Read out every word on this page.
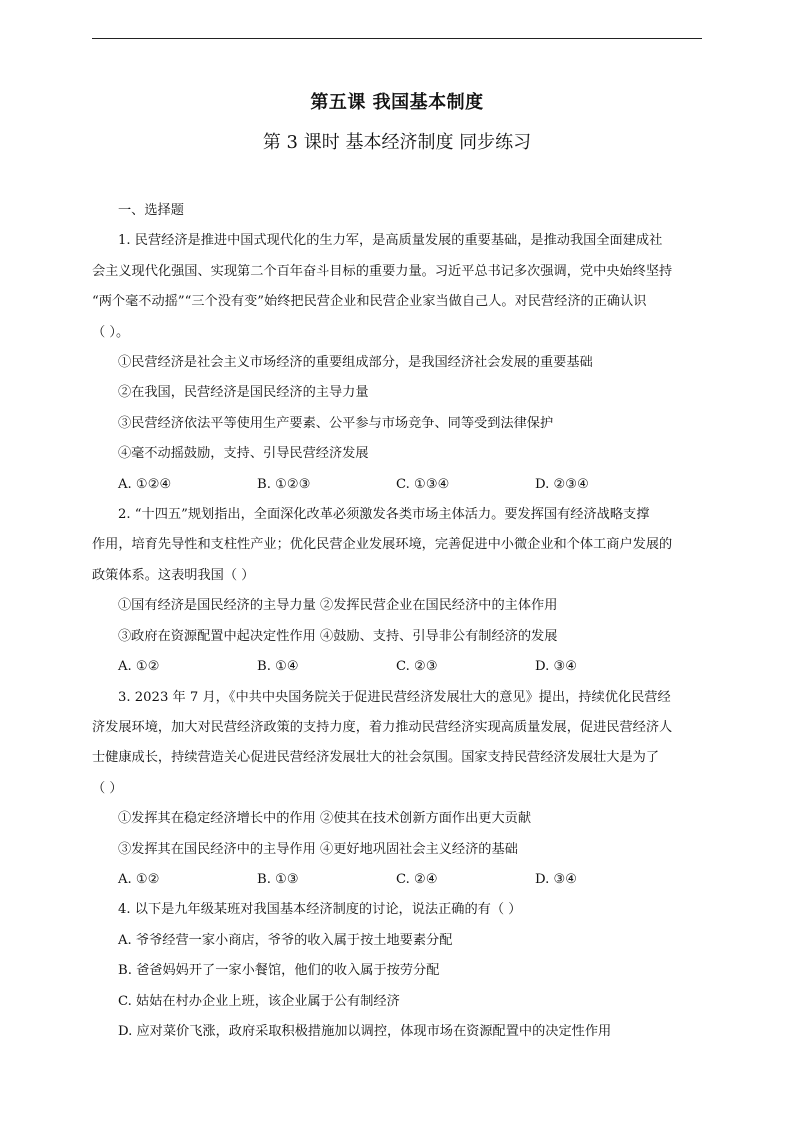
第五课 我国基本制度
第 3 课时 基本经济制度 同步练习
一、选择题
1. 民营经济是推进中国式现代化的生力军，是高质量发展的重要基础，是推动我国全面建成社
会主义现代化强国、实现第二个百年奋斗目标的重要力量。习近平总书记多次强调，党中央始终坚持
“两个毫不动摇”“三个没有变”始终把民营企业和民营企业家当做自己人。对民营经济的正确认识
（ ）。
①民营经济是社会主义市场经济的重要组成部分，是我国经济社会发展的重要基础
②在我国，民营经济是国民经济的主导力量
③民营经济依法平等使用生产要素、公平参与市场竞争、同等受到法律保护
④毫不动摇鼓励，支持、引导民营经济发展
A. ①②④	B. ①②③	C. ①③④	D. ②③④
2. “十四五”规划指出，全面深化改革必须激发各类市场主体活力。要发挥国有经济战略支撑
作用，培育先导性和支柱性产业；优化民营企业发展环境，完善促进中小微企业和个体工商户发展的
政策体系。这表明我国（ ）
①国有经济是国民经济的主导力量 ②发挥民营企业在国民经济中的主体作用
③政府在资源配置中起决定性作用 ④鼓励、支持、引导非公有制经济的发展
A. ①②	B. ①④	C. ②③	D. ③④
3. 2023 年 7 月，《中共中央国务院关于促进民营经济发展壮大的意见》提出，持续优化民营经
济发展环境，加大对民营经济政策的支持力度，着力推动民营经济实现高质量发展，促进民营经济人
士健康成长，持续营造关心促进民营经济发展壮大的社会氛围。国家支持民营经济发展壮大是为了
（ ）
①发挥其在稳定经济增长中的作用 ②使其在技术创新方面作出更大贡献
③发挥其在国民经济中的主导作用 ④更好地巩固社会主义经济的基础
A. ①②	B. ①③	C. ②④	D. ③④
4. 以下是九年级某班对我国基本经济制度的讨论，说法正确的有（ ）
A. 爷爷经营一家小商店，爷爷的收入属于按土地要素分配
B. 爸爸妈妈开了一家小餐馆，他们的收入属于按劳分配
C. 姑姑在村办企业上班，该企业属于公有制经济
D. 应对菜价飞涨，政府采取积极措施加以调控，体现市场在资源配置中的决定性作用
